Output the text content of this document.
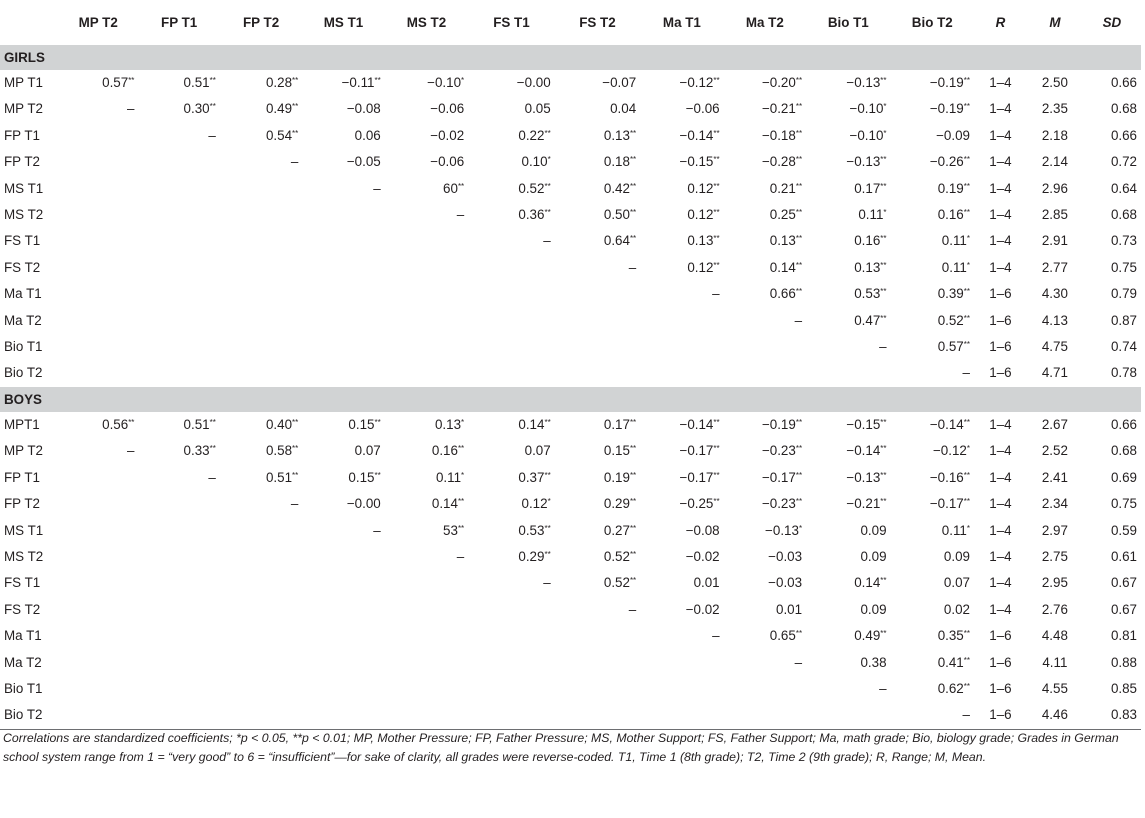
	MP T2	FP T1	FP T2	MS T1	MS T2	FS T1	FS T2	Ma T1	Ma T2	Bio T1	Bio T2	R	M	SD
GIRLS														
MP T1	0.57**	0.51**	0.28**	−0.11**	−0.10*	−0.00	−0.07	−0.12**	−0.20**	−0.13**	−0.19**	1–4	2.50	0.66
MP T2	–	0.30**	0.49**	−0.08	−0.06	0.05	0.04	−0.06	−0.21**	−0.10*	−0.19**	1–4	2.35	0.68
FP T1		–	0.54**	0.06	−0.02	0.22**	0.13**	−0.14**	−0.18**	−0.10*	−0.09	1–4	2.18	0.66
FP T2			–	−0.05	−0.06	0.10*	0.18**	−0.15**	−0.28**	−0.13**	−0.26**	1–4	2.14	0.72
MS T1				–	60**	0.52**	0.42**	0.12**	0.21**	0.17**	0.19**	1–4	2.96	0.64
MS T2					–	0.36**	0.50**	0.12**	0.25**	0.11*	0.16**	1–4	2.85	0.68
FS T1						–	0.64**	0.13**	0.13**	0.16**	0.11*	1–4	2.91	0.73
FS T2							–	0.12**	0.14**	0.13**	0.11*	1–4	2.77	0.75
Ma T1								–	0.66**	0.53**	0.39**	1–6	4.30	0.79
Ma T2									–	0.47**	0.52**	1–6	4.13	0.87
Bio T1										–	0.57**	1–6	4.75	0.74
Bio T2											–	1–6	4.71	0.78
BOYS														
MPT1	0.56**	0.51**	0.40**	0.15**	0.13*	0.14**	0.17**	−0.14**	−0.19**	−0.15**	−0.14**	1–4	2.67	0.66
MP T2	–	0.33**	0.58**	0.07	0.16**	0.07	0.15**	−0.17**	−0.23**	−0.14**	−0.12*	1–4	2.52	0.68
FP T1		–	0.51**	0.15**	0.11*	0.37**	0.19**	−0.17**	−0.17**	−0.13**	−0.16**	1–4	2.41	0.69
FP T2			–	−0.00	0.14**	0.12*	0.29**	−0.25**	−0.23**	−0.21**	−0.17**	1–4	2.34	0.75
MS T1				–	53**	0.53**	0.27**	−0.08	−0.13*	0.09	0.11*	1–4	2.97	0.59
MS T2					–	0.29**	0.52**	−0.02	−0.03	0.09	0.09	1–4	2.75	0.61
FS T1						–	0.52**	0.01	−0.03	0.14**	0.07	1–4	2.95	0.67
FS T2							–	−0.02	0.01	0.09	0.02	1–4	2.76	0.67
Ma T1								–	0.65**	0.49**	0.35**	1–6	4.48	0.81
Ma T2									–	0.38	0.41**	1–6	4.11	0.88
Bio T1										–	0.62**	1–6	4.55	0.85
Bio T2											–	1–6	4.46	0.83

Correlations are standardized coefficients; *p < 0.05, **p < 0.01; MP, Mother Pressure; FP, Father Pressure; MS, Mother Support; FS, Father Support; Ma, math grade; Bio, biology grade; Grades in German school system range from 1 = “very good” to 6 = “insufficient”—for sake of clarity, all grades were reverse-coded. T1, Time 1 (8th grade); T2, Time 2 (9th grade); R, Range; M, Mean.
